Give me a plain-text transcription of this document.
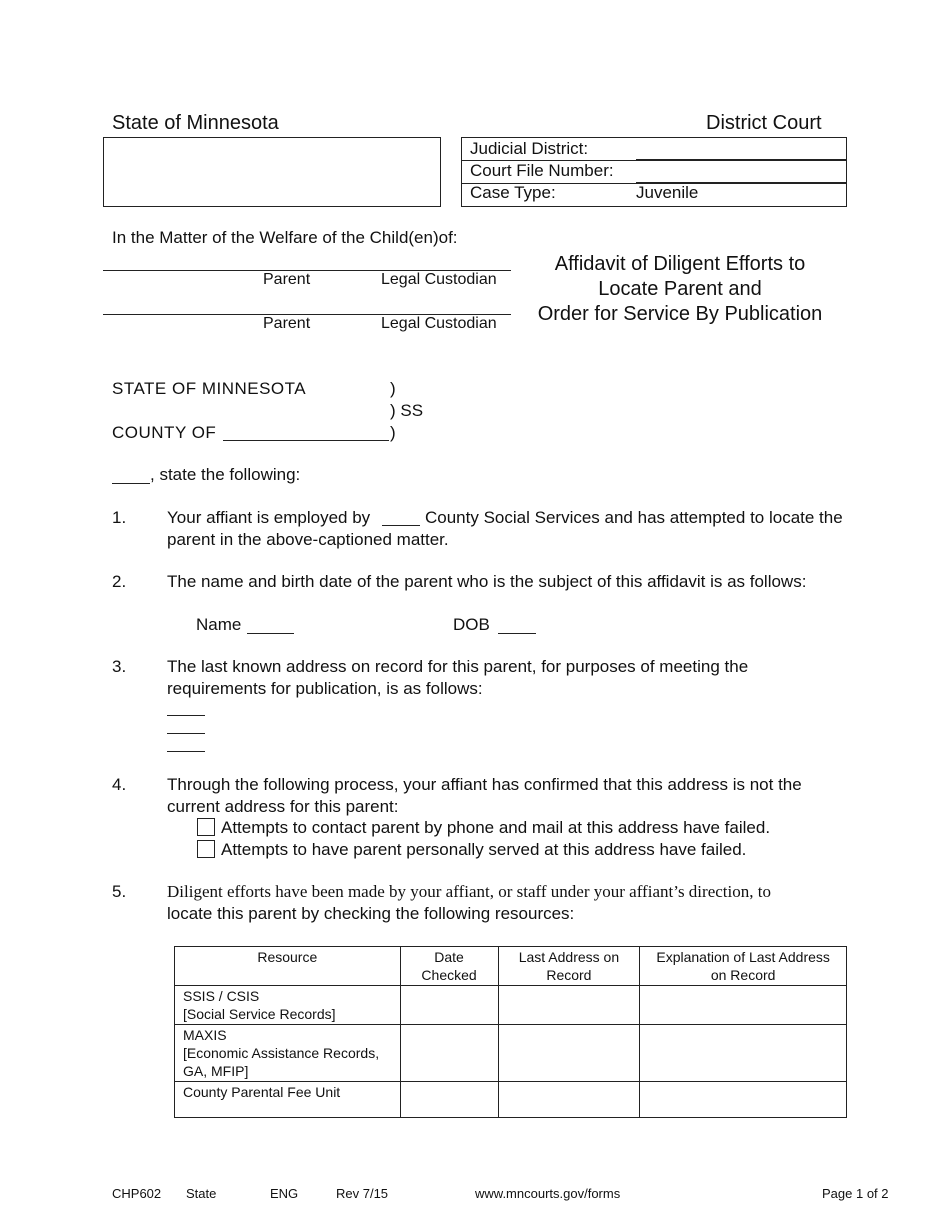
State of Minnesota	District Court
Judicial District:
Court File Number:
Case Type:	Juvenile
In the Matter of the Welfare of the Child(en)of:
Parent	Legal Custodian
Parent	Legal Custodian
Affidavit of Diligent Efforts to
Locate Parent and
Order for Service By Publication
STATE OF MINNESOTA	)
) SS
COUNTY OF	)
, state the following:
1. Your affiant is employed by	County Social Services and has attempted to locate the
parent in the above-captioned matter.
2. The name and birth date of the parent who is the subject of this affidavit is as follows:
Name	DOB
3. The last known address on record for this parent, for purposes of meeting the
requirements for publication, is as follows:
4. Through the following process, your affiant has confirmed that this address is not the
current address for this parent:
Attempts to contact parent by phone and mail at this address have failed.
Attempts to have parent personally served at this address have failed.
5. Diligent efforts have been made by your affiant, or staff under your affiant’s direction, to
locate this parent by checking the following resources:
Resource	Date Checked	Last Address on Record	Explanation of Last Address on Record

SSIS / CSIS
[Social Service Records]			

MAXIS
[Economic Assistance Records,
GA, MFIP]			

County Parental Fee Unit			

CHP602 State	ENG	Rev 7/15	www.mncourts.gov/forms	Page 1 of 2
